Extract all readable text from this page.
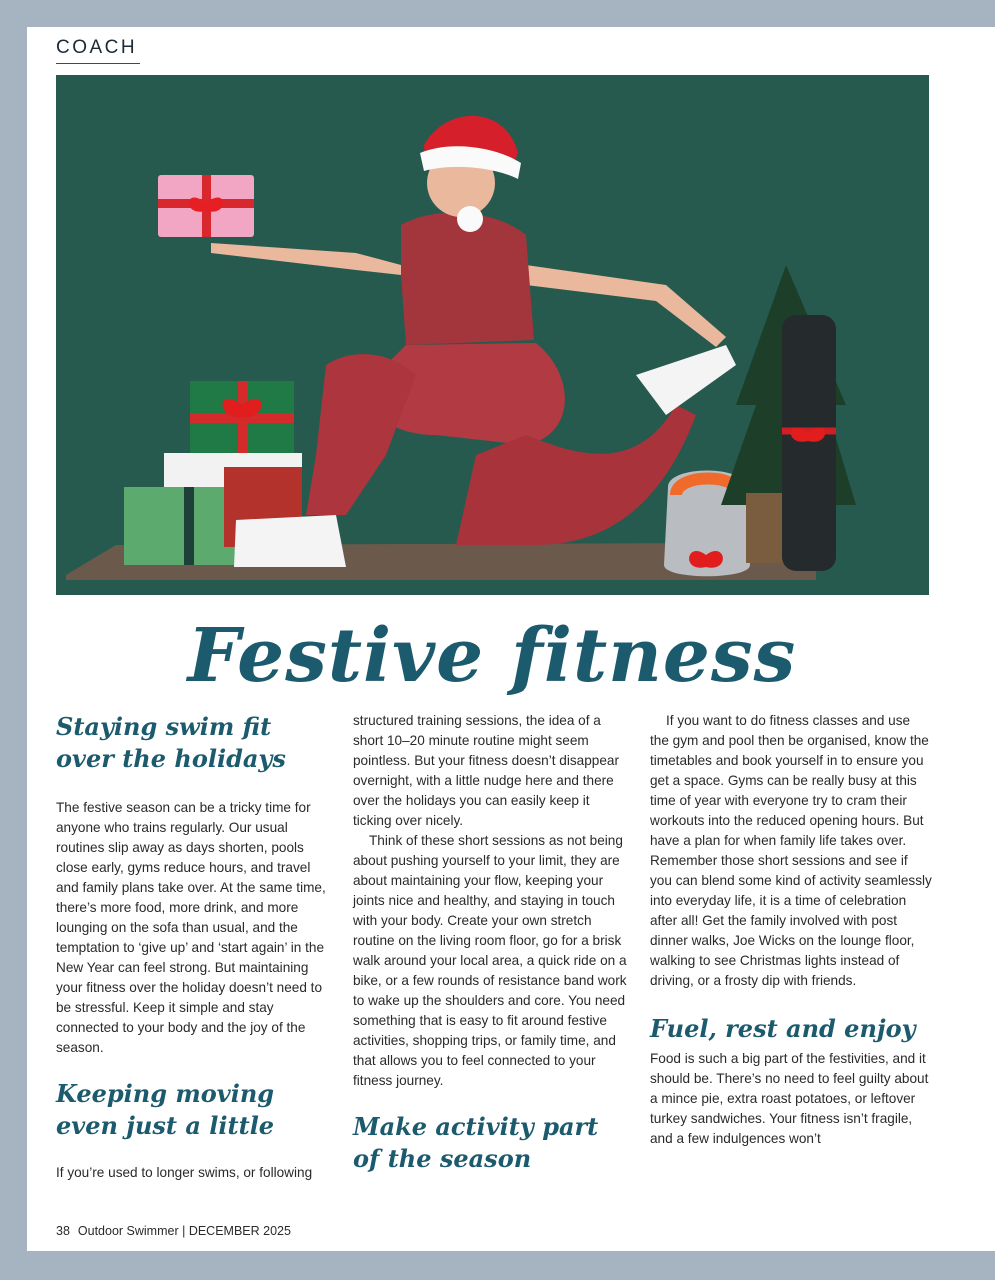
COACH
Festive fitness
Staying swim fit over the holidays

The festive season can be a tricky time for anyone who trains regularly. Our usual routines slip away as days shorten, pools close early, gyms reduce hours, and travel and family plans take over. At the same time, there’s more food, more drink, and more lounging on the sofa than usual, and the temptation to ‘give up’ and ‘start again’ in the New Year can feel strong. But maintaining your fitness over the holiday doesn’t need to be stressful. Keep it simple and stay connected to your body and the joy of the season.

Keeping moving even just a little

If you’re used to longer swims, or following

structured training sessions, the idea of a short 10–20 minute routine might seem pointless. But your fitness doesn’t disappear overnight, with a little nudge here and there over the holidays you can easily keep it ticking over nicely.

Think of these short sessions as not being about pushing yourself to your limit, they are about maintaining your flow, keeping your joints nice and healthy, and staying in touch with your body. Create your own stretch routine on the living room floor, go for a brisk walk around your local area, a quick ride on a bike, or a few rounds of resistance band work to wake up the shoulders and core. You need something that is easy to fit around festive activities, shopping trips, or family time, and that allows you to feel connected to your fitness journey.

Make activity part of the season

If you want to do fitness classes and use the gym and pool then be organised, know the timetables and book yourself in to ensure you get a space. Gyms can be really busy at this time of year with everyone try to cram their workouts into the reduced opening hours. But have a plan for when family life takes over. Remember those short sessions and see if you can blend some kind of activity seamlessly into everyday life, it is a time of celebration after all! Get the family involved with post dinner walks, Joe Wicks on the lounge floor, walking to see Christmas lights instead of driving, or a frosty dip with friends.

Fuel, rest and enjoy

Food is such a big part of the festivities, and it should be. There’s no need to feel guilty about a mince pie, extra roast potatoes, or leftover turkey sandwiches. Your fitness isn’t fragile, and a few indulgences won’t

38 Outdoor Swimmer | DECEMBER 2025
